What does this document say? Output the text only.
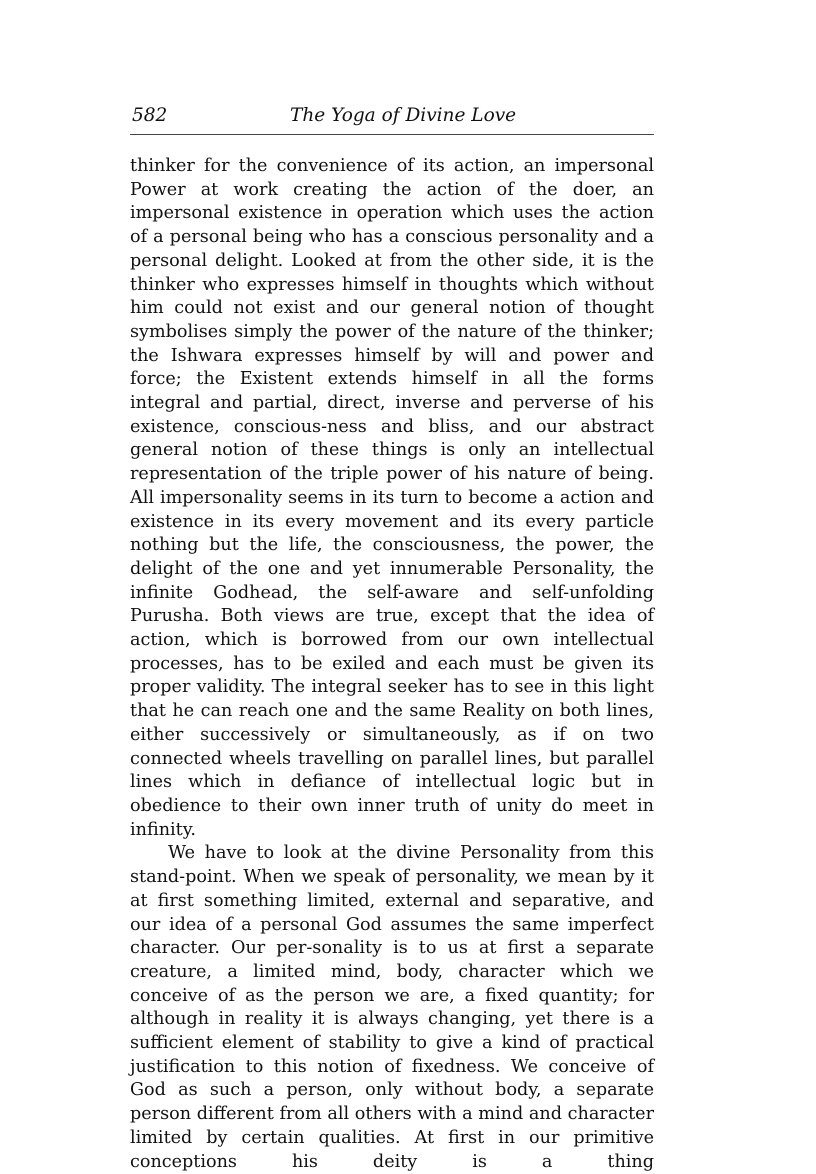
582	The Yoga of Divine Love

thinker for the convenience of its action, an impersonal Power at work creating the action of the doer, an impersonal existence in operation which uses the action of a personal being who has a conscious personality and a personal delight. Looked at from the other side, it is the thinker who expresses himself in thoughts which without him could not exist and our general notion of thought symbolises simply the power of the nature of the thinker; the Ishwara expresses himself by will and power and force; the Existent extends himself in all the forms integral and partial, direct, inverse and perverse of his existence, conscious-ness and bliss, and our abstract general notion of these things is only an intellectual representation of the triple power of his nature of being. All impersonality seems in its turn to become a action and existence in its every movement and its every particle nothing but the life, the consciousness, the power, the delight of the one and yet innumerable Personality, the infinite Godhead, the self-aware and self-unfolding Purusha. Both views are true, except that the idea of action, which is borrowed from our own intellectual processes, has to be exiled and each must be given its proper validity. The integral seeker has to see in this light that he can reach one and the same Reality on both lines, either successively or simultaneously, as if on two connected wheels travelling on parallel lines, but parallel lines which in defiance of intellectual logic but in obedience to their own inner truth of unity do meet in infinity.

We have to look at the divine Personality from this stand-point. When we speak of personality, we mean by it at first something limited, external and separative, and our idea of a personal God assumes the same imperfect character. Our per-sonality is to us at first a separate creature, a limited mind, body, character which we conceive of as the person we are, a fixed quantity; for although in reality it is always changing, yet there is a sufficient element of stability to give a kind of practical justification to this notion of fixedness. We conceive of God as such a person, only without body, a separate person different from all others with a mind and character limited by certain qualities. At first in our primitive conceptions his deity is a thing
